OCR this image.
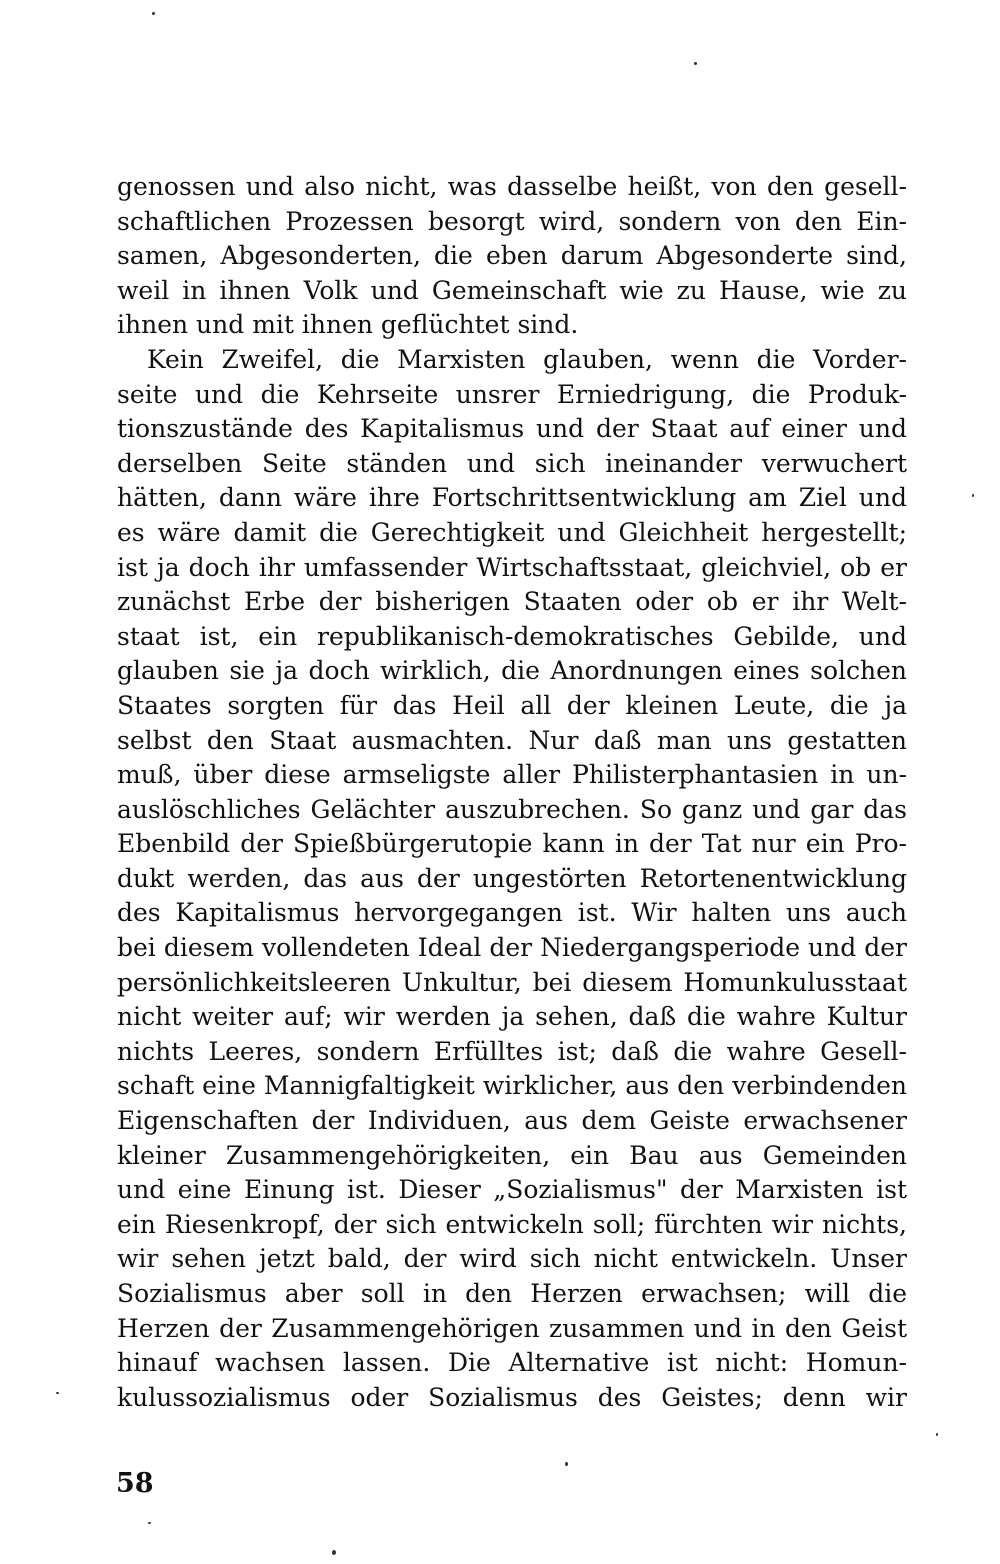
genossen und also nicht, was dasselbe heißt, von den gesell-
schaftlichen Prozessen besorgt wird, sondern von den Ein-
samen, Abgesonderten, die eben darum Abgesonderte sind,
weil in ihnen Volk und Gemeinschaft wie zu Hause, wie zu
ihnen und mit ihnen geflüchtet sind.
Kein Zweifel, die Marxisten glauben, wenn die Vorder-
seite und die Kehrseite unsrer Erniedrigung, die Produk-
tionszustände des Kapitalismus und der Staat auf einer und
derselben Seite ständen und sich ineinander verwuchert
hätten, dann wäre ihre Fortschrittsentwicklung am Ziel und
es wäre damit die Gerechtigkeit und Gleichheit hergestellt;
ist ja doch ihr umfassender Wirtschaftsstaat, gleichviel, ob er
zunächst Erbe der bisherigen Staaten oder ob er ihr Welt-
staat ist, ein republikanisch-demokratisches Gebilde, und
glauben sie ja doch wirklich, die Anordnungen eines solchen
Staates sorgten für das Heil all der kleinen Leute, die ja
selbst den Staat ausmachten. Nur daß man uns gestatten
muß, über diese armseligste aller Philisterphantasien in un-
auslöschliches Gelächter auszubrechen. So ganz und gar das
Ebenbild der Spießbürgerutopie kann in der Tat nur ein Pro-
dukt werden, das aus der ungestörten Retortenentwicklung
des Kapitalismus hervorgegangen ist. Wir halten uns auch
bei diesem vollendeten Ideal der Niedergangsperiode und der
persönlichkeitsleeren Unkultur, bei diesem Homunkulusstaat
nicht weiter auf; wir werden ja sehen, daß die wahre Kultur
nichts Leeres, sondern Erfülltes ist; daß die wahre Gesell-
schaft eine Mannigfaltigkeit wirklicher, aus den verbindenden
Eigenschaften der Individuen, aus dem Geiste erwachsener
kleiner Zusammengehörigkeiten, ein Bau aus Gemeinden
und eine Einung ist. Dieser „Sozialismus" der Marxisten ist
ein Riesenkropf, der sich entwickeln soll; fürchten wir nichts,
wir sehen jetzt bald, der wird sich nicht entwickeln. Unser
Sozialismus aber soll in den Herzen erwachsen; will die
Herzen der Zusammengehörigen zusammen und in den Geist
hinauf wachsen lassen. Die Alternative ist nicht: Homun-
kulussozialismus oder Sozialismus des Geistes; denn wir
58
